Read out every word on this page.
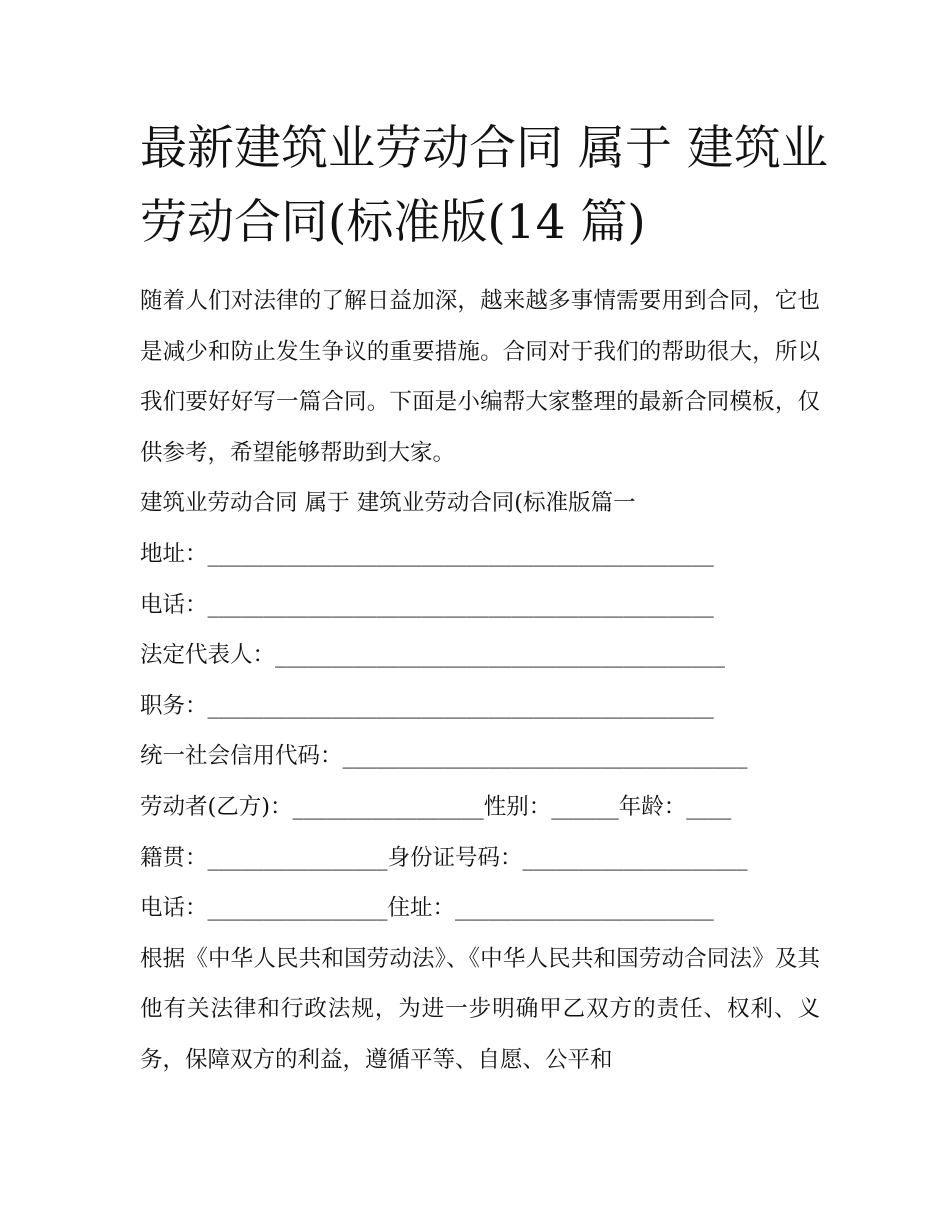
最新建筑业劳动合同 属于 建筑业劳动合同(标准版(14 篇)

随着人们对法律的了解日益加深，越来越多事情需要用到合同，它也是减少和防止发生争议的重要措施。合同对于我们的帮助很大，所以我们要好好写一篇合同。下面是小编帮大家整理的最新合同模板，仅供参考，希望能够帮助到大家。

建筑业劳动合同 属于 建筑业劳动合同(标准版篇一

地址：_____________________________________________

电话：_____________________________________________

法定代表人：________________________________________

职务：_____________________________________________

统一社会信用代码：____________________________________

劳动者(乙方)：_________________性别：______年龄：____

籍贯：________________身份证号码：____________________

电话：________________住址：_______________________

根据《中华人民共和国劳动法》、《中华人民共和国劳动合同法》及其他有关法律和行政法规，为进一步明确甲乙双方的责任、权利、义务，保障双方的利益，遵循平等、自愿、公平和
